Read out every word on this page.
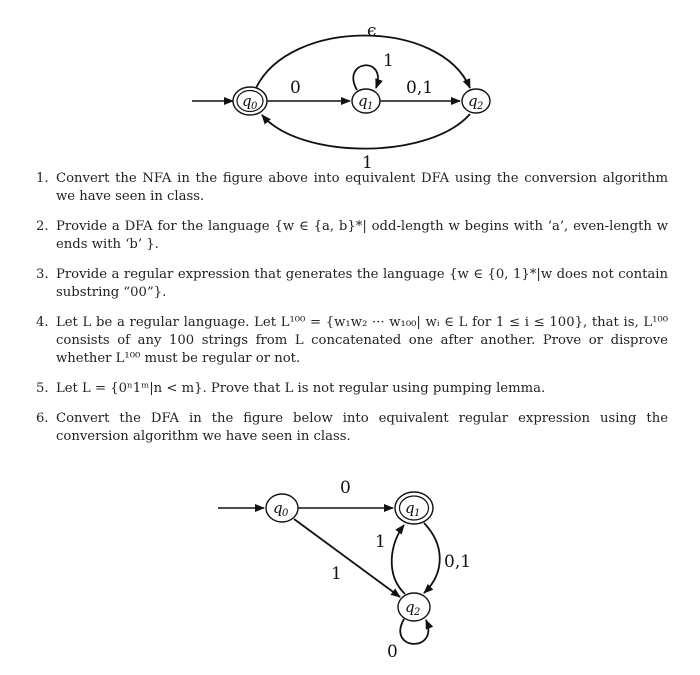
q 0	q 1	q 2
0
1
0,1
ϵ
1
1. Convert the NFA in the figure above into equivalent DFA using the conversion algorithm we have seen in class.
2. Provide a DFA for the language {w ∈ {a, b}*| odd-length w begins with ‘a’, even-length w ends with ‘b’ }.
3. Provide a regular expression that generates the language {w ∈ {0, 1}*|w does not contain substring “00”}.
4. Let L be a regular language. Let L¹⁰⁰ = {w₁w₂ ··· w₁₀₀| wᵢ ∈ L for 1 ≤ i ≤ 100}, that is, L¹⁰⁰ consists of any 100 strings from L concatenated one after another. Prove or disprove whether L¹⁰⁰ must be regular or not.
5. Let L = {0ⁿ1ᵐ|n < m}. Prove that L is not regular using pumping lemma.
6. Convert the DFA in the figure below into equivalent regular expression using the conversion algorithm we have seen in class.
q 0	q 1
q 2
0
1
1
0,1
0
